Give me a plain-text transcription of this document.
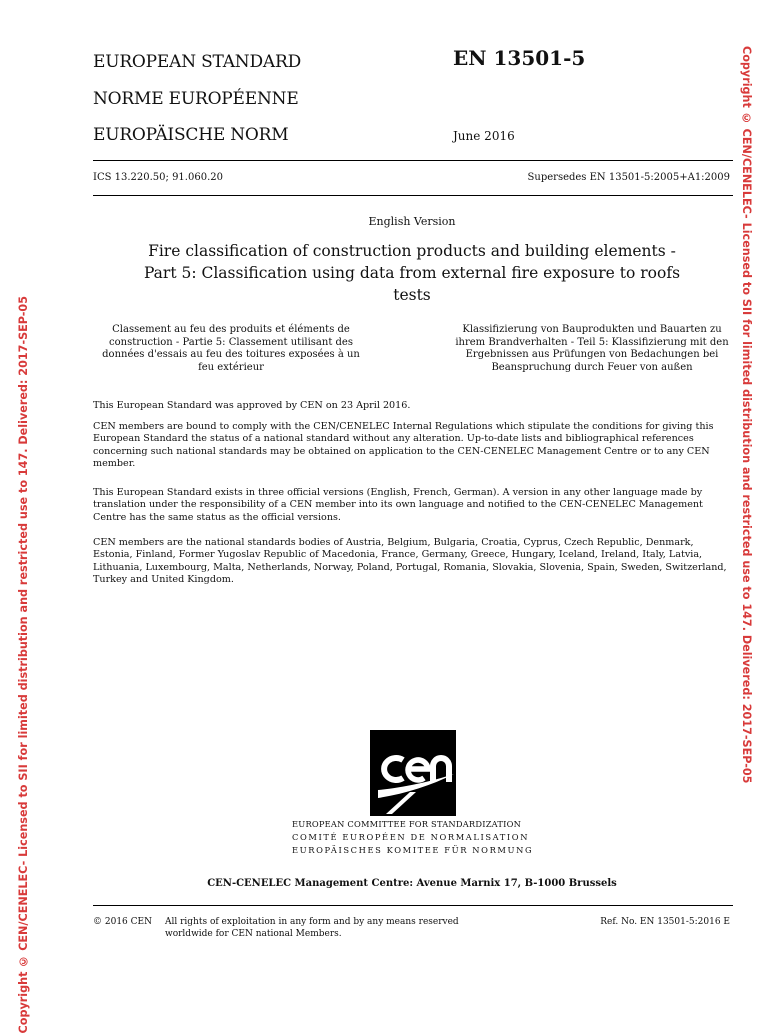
EUROPEAN STANDARD
NORME EUROPÉENNE
EUROPÄISCHE NORM
EN 13501-5
June 2016
ICS 13.220.50; 91.060.20	Supersedes EN 13501-5:2005+A1:2009
English Version
Fire classification of construction products and building elements - Part 5: Classification using data from external fire exposure to roofs tests
Classement au feu des produits et éléments de construction - Partie 5: Classement utilisant des données d'essais au feu des toitures exposées à un feu extérieur
Klassifizierung von Bauprodukten und Bauarten zu ihrem Brandverhalten - Teil 5: Klassifizierung mit den Ergebnissen aus Prüfungen von Bedachungen bei Beanspruchung durch Feuer von außen
This European Standard was approved by CEN on 23 April 2016.
CEN members are bound to comply with the CEN/CENELEC Internal Regulations which stipulate the conditions for giving this European Standard the status of a national standard without any alteration. Up-to-date lists and bibliographical references concerning such national standards may be obtained on application to the CEN-CENELEC Management Centre or to any CEN member.
This European Standard exists in three official versions (English, French, German). A version in any other language made by translation under the responsibility of a CEN member into its own language and notified to the CEN-CENELEC Management Centre has the same status as the official versions.
CEN members are the national standards bodies of Austria, Belgium, Bulgaria, Croatia, Cyprus, Czech Republic, Denmark, Estonia, Finland, Former Yugoslav Republic of Macedonia, France, Germany, Greece, Hungary, Iceland, Ireland, Italy, Latvia, Lithuania, Luxembourg, Malta, Netherlands, Norway, Poland, Portugal, Romania, Slovakia, Slovenia, Spain, Sweden, Switzerland, Turkey and United Kingdom.
EUROPEAN COMMITTEE FOR STANDARDIZATION
COMITÉ EUROPÉEN DE NORMALISATION
EUROPÄISCHES KOMITEE FÜR NORMUNG
CEN-CENELEC Management Centre: Avenue Marnix 17, B-1000 Brussels
© 2016 CEN All rights of exploitation in any form and by any means reserved
worldwide for CEN national Members.
Ref. No. EN 13501-5:2016 E
Copyright © CEN/CENELEC- Licensed to SII for limited distribution and restricted use to 147. Delivered: 2017-SEP-05
Copyright © CEN/CENELEC- Licensed to SII for limited distribution and restricted use to 147. Delivered: 2017-SEP-05
